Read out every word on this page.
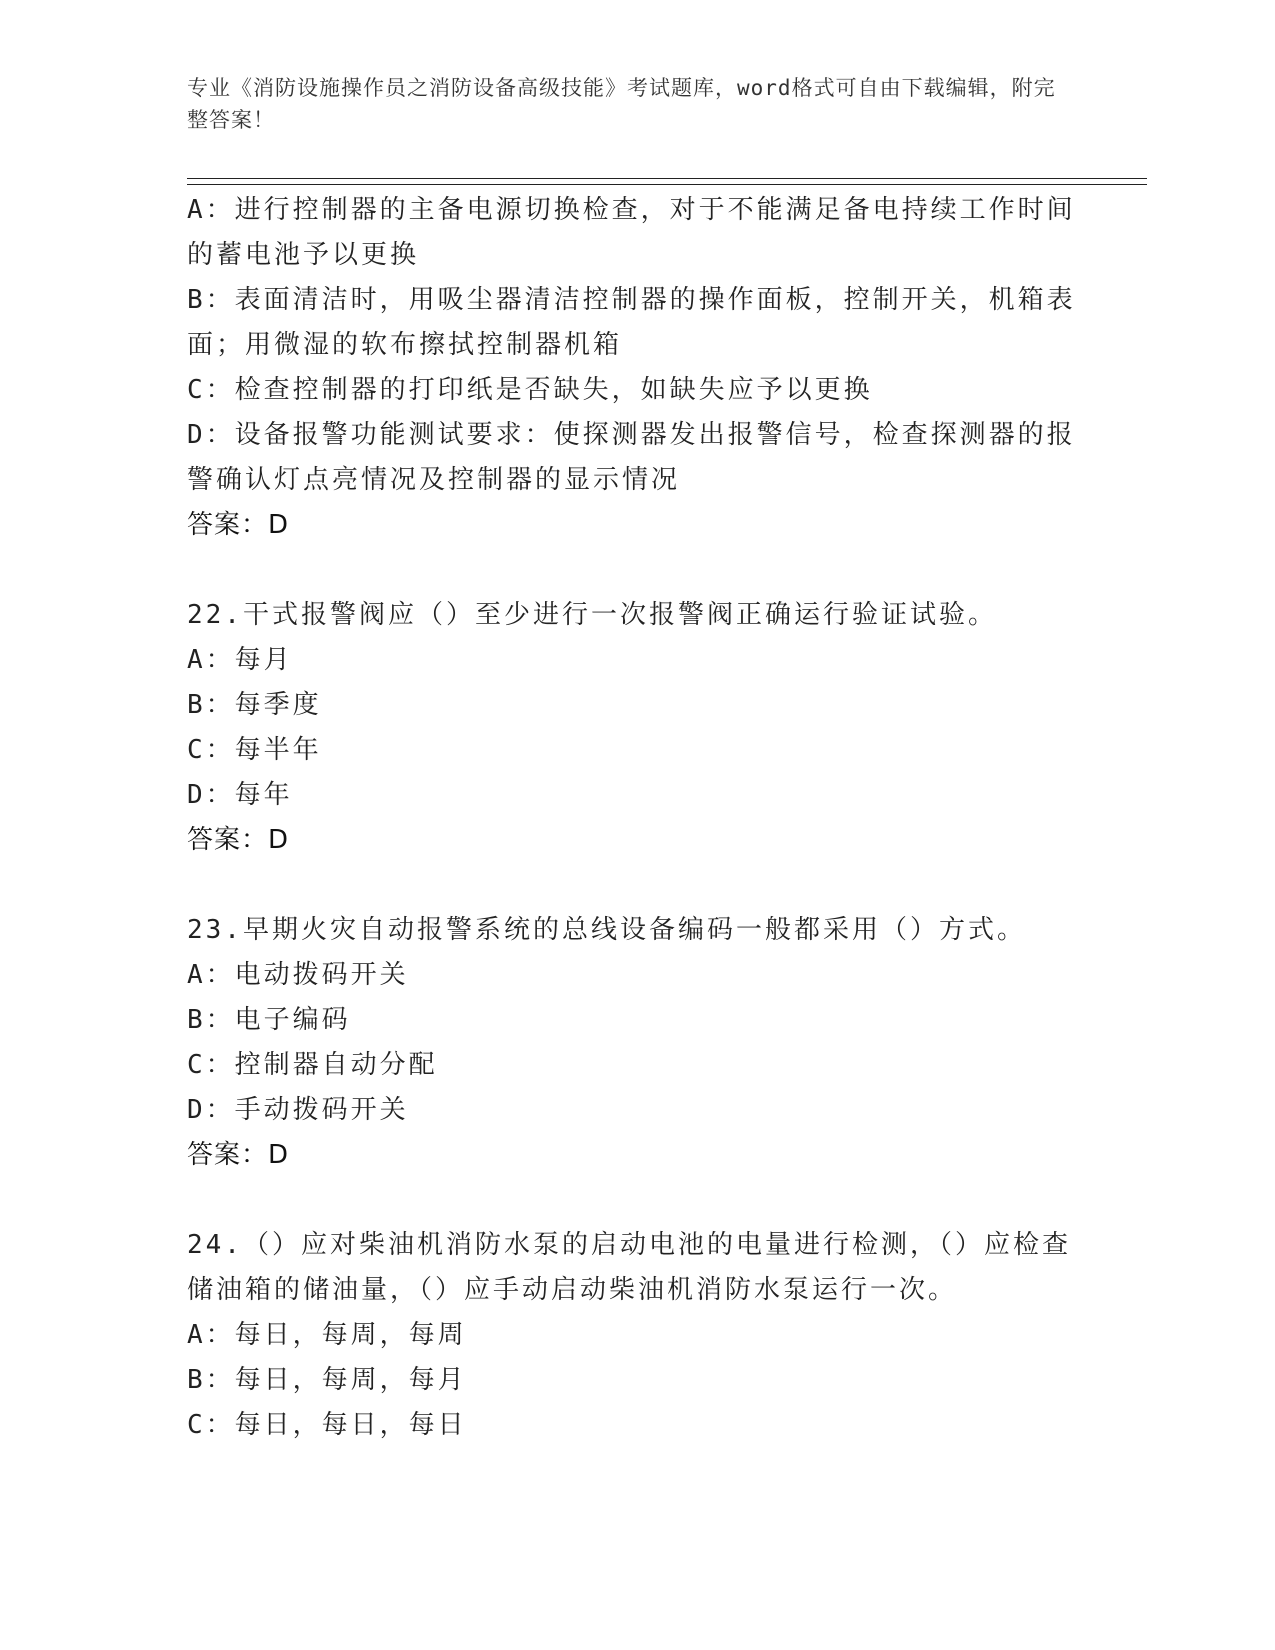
专业《消防设施操作员之消防设备高级技能》考试题库，word格式可自由下载编辑，附完整答案！
A：进行控制器的主备电源切换检查，对于不能满足备电持续工作时间的蓄电池予以更换
B：表面清洁时，用吸尘器清洁控制器的操作面板，控制开关，机箱表面；用微湿的软布擦拭控制器机箱
C：检查控制器的打印纸是否缺失，如缺失应予以更换
D：设备报警功能测试要求：使探测器发出报警信号，检查探测器的报警确认灯点亮情况及控制器的显示情况
答案：D
22.干式报警阀应（）至少进行一次报警阀正确运行验证试验。
A：每月
B：每季度
C：每半年
D：每年
答案：D
23.早期火灾自动报警系统的总线设备编码一般都采用（）方式。
A：电动拨码开关
B：电子编码
C：控制器自动分配
D：手动拨码开关
答案：D
24.（）应对柴油机消防水泵的启动电池的电量进行检测，（）应检查储油箱的储油量，（）应手动启动柴油机消防水泵运行一次。
A：每日，每周，每周
B：每日，每周，每月
C：每日，每日，每日
